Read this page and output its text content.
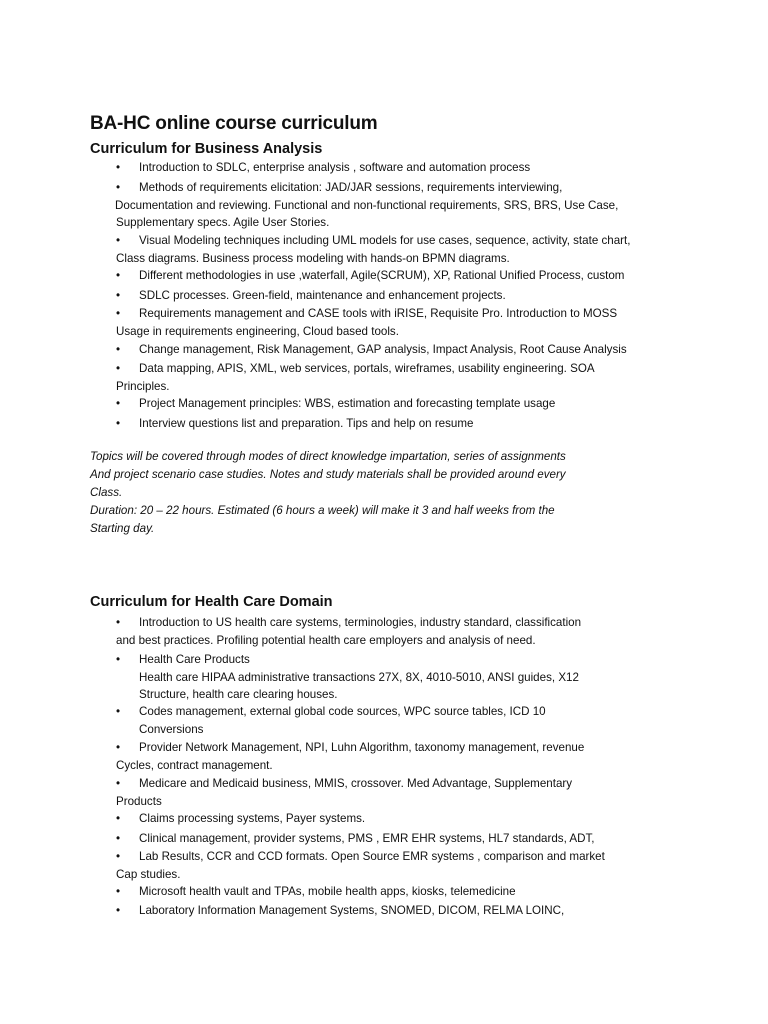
BA-HC online course curriculum
Curriculum for Business Analysis
• Introduction to SDLC, enterprise analysis , software and automation process
• Methods of requirements elicitation: JAD/JAR sessions, requirements interviewing,
Documentation and reviewing. Functional and non-functional requirements, SRS, BRS, Use Case,
Supplementary specs. Agile User Stories.
• Visual Modeling techniques including UML models for use cases, sequence, activity, state chart,
Class diagrams. Business process modeling with hands-on BPMN diagrams.
• Different methodologies in use ,waterfall, Agile(SCRUM), XP, Rational Unified Process, custom
• SDLC processes. Green-field, maintenance and enhancement projects.
• Requirements management and CASE tools with iRISE, Requisite Pro. Introduction to MOSS
Usage in requirements engineering, Cloud based tools.
• Change management, Risk Management, GAP analysis, Impact Analysis, Root Cause Analysis
• Data mapping, APIS, XML, web services, portals, wireframes, usability engineering. SOA
Principles.
• Project Management principles: WBS, estimation and forecasting template usage
• Interview questions list and preparation. Tips and help on resume
Topics will be covered through modes of direct knowledge impartation, series of assignments
And project scenario case studies. Notes and study materials shall be provided around every
Class.
Duration: 20 – 22 hours. Estimated (6 hours a week) will make it 3 and half weeks from the
Starting day.
Curriculum for Health Care Domain
• Introduction to US health care systems, terminologies, industry standard, classification
and best practices. Profiling potential health care employers and analysis of need.
• Health Care Products
Health care HIPAA administrative transactions 27X, 8X, 4010-5010, ANSI guides, X12
Structure, health care clearing houses.
• Codes management, external global code sources, WPC source tables, ICD 10
Conversions
• Provider Network Management, NPI, Luhn Algorithm, taxonomy management, revenue
Cycles, contract management.
• Medicare and Medicaid business, MMIS, crossover. Med Advantage, Supplementary
Products
• Claims processing systems, Payer systems.
• Clinical management, provider systems, PMS , EMR EHR systems, HL7 standards, ADT,
• Lab Results, CCR and CCD formats. Open Source EMR systems , comparison and market
Cap studies.
• Microsoft health vault and TPAs, mobile health apps, kiosks, telemedicine
• Laboratory Information Management Systems, SNOMED, DICOM, RELMA LOINC,
